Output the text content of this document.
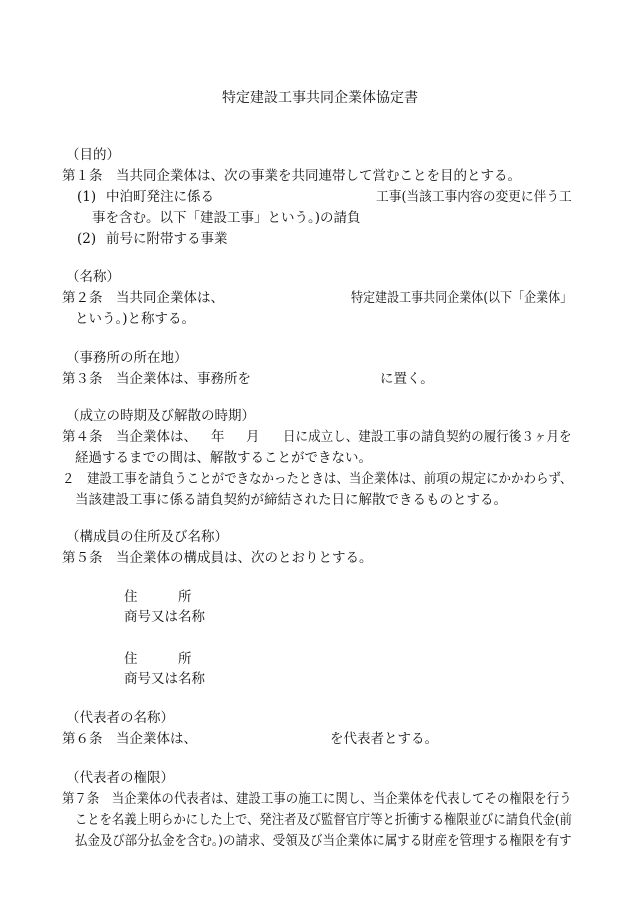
特定建設工事共同企業体協定書
（目的）
第１条　当共同企業体は、次の事業を共同連帯して営むことを目的とする。
(1) 中泊町発注に係る	工事(当該工事内容の変更に伴う工
事を含む。以下「建設工事」という。)の請負
(2) 前号に附帯する事業
（名称）
第２条　当共同企業体は、	特定建設工事共同企業体(以下「企業体」
という。)と称する。
（事務所の所在地）
第３条　当企業体は、事務所を	に置く。
（成立の時期及び解散の時期）
第４条　当企業体は、 年 月 日に成立し、建設工事の請負契約の履行後３ヶ月を
経過するまでの間は、解散することができない。
２　建設工事を請負うことができなかったときは、当企業体は、前項の規定にかかわらず、
当該建設工事に係る請負契約が締結された日に解散できるものとする。
（構成員の住所及び名称）
第５条　当企業体の構成員は、次のとおりとする。
住　　　所
商号又は名称
住　　　所
商号又は名称
（代表者の名称）
第６条　当企業体は、	を代表者とする。
（代表者の権限）
第７条　当企業体の代表者は、建設工事の施工に関し、当企業体を代表してその権限を行う
ことを名義上明らかにした上で、発注者及び監督官庁等と折衝する権限並びに請負代金(前
払金及び部分払金を含む。)の請求、受領及び当企業体に属する財産を管理する権限を有す
